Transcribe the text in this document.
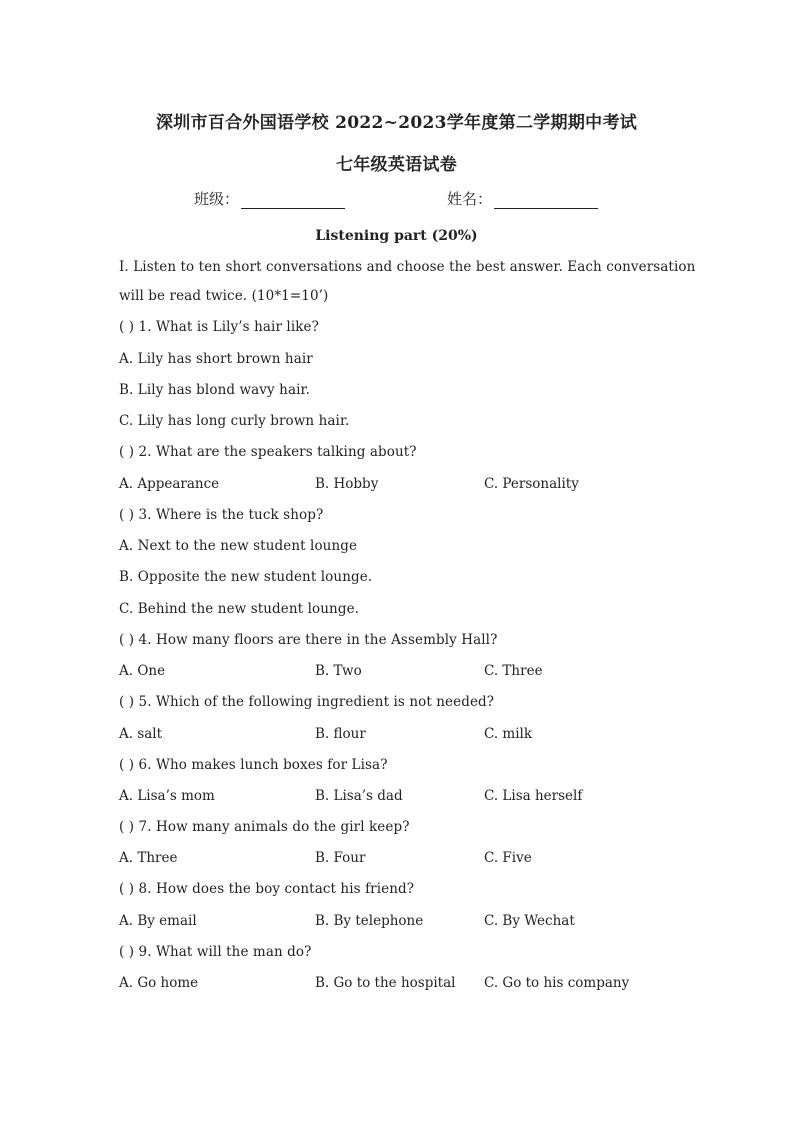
深圳市百合外国语学校 2022~2023学年度第二学期期中考试
七年级英语试卷
班级：	姓名：
Listening part (20%)
I. Listen to ten short conversations and choose the best answer. Each conversation
will be read twice. (10*1=10’)
( ) 1. What is Lily’s hair like?
A. Lily has short brown hair
B. Lily has blond wavy hair.
C. Lily has long curly brown hair.
( ) 2. What are the speakers talking about?
A. Appearance	B. Hobby	C. Personality
( ) 3. Where is the tuck shop?
A. Next to the new student lounge
B. Opposite the new student lounge.
C. Behind the new student lounge.
( ) 4. How many floors are there in the Assembly Hall?
A. One	B. Two	C. Three
( ) 5. Which of the following ingredient is not needed?
A. salt	B. flour	C. milk
( ) 6. Who makes lunch boxes for Lisa?
A. Lisa’s mom	B. Lisa’s dad	C. Lisa herself
( ) 7. How many animals do the girl keep?
A. Three	B. Four	C. Five
( ) 8. How does the boy contact his friend?
A. By email	B. By telephone	C. By Wechat
( ) 9. What will the man do?
A. Go home	B. Go to the hospital C. Go to his company
